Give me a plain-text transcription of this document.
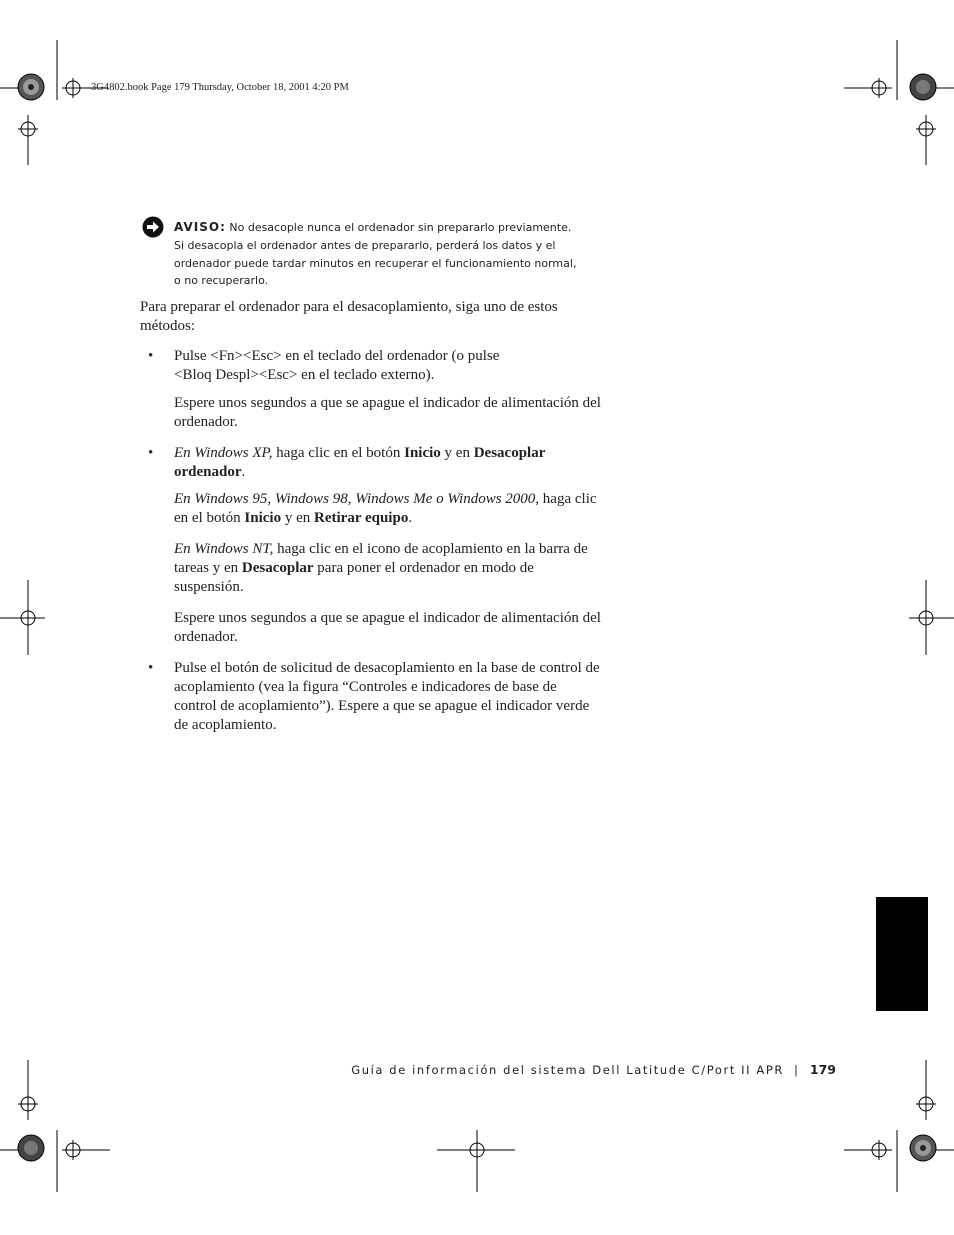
3G4802.book Page 179 Thursday, October 18, 2001 4:20 PM
AVISO: No desacople nunca el ordenador sin prepararlo previamente.
Si desacopla el ordenador antes de prepararlo, perderá los datos y el
ordenador puede tardar minutos en recuperar el funcionamiento normal,
o no recuperarlo.
Para preparar el ordenador para el desacoplamiento, siga uno de estos
métodos:
• Pulse <Fn><Esc> en el teclado del ordenador (o pulse
<Bloq Despl><Esc> en el teclado externo).
Espere unos segundos a que se apague el indicador de alimentación del
ordenador.
• En Windows XP, haga clic en el botón Inicio y en Desacoplar
ordenador.
En Windows 95, Windows 98, Windows Me o Windows 2000, haga clic
en el botón Inicio y en Retirar equipo.
En Windows NT, haga clic en el icono de acoplamiento en la barra de
tareas y en Desacoplar para poner el ordenador en modo de
suspensión.
Espere unos segundos a que se apague el indicador de alimentación del
ordenador.
• Pulse el botón de solicitud de desacoplamiento en la base de control de
acoplamiento (vea la figura “Controles e indicadores de base de
control de acoplamiento”). Espere a que se apague el indicador verde
de acoplamiento.
Guía de información del sistema Dell Latitude C/Port II APR | 179
